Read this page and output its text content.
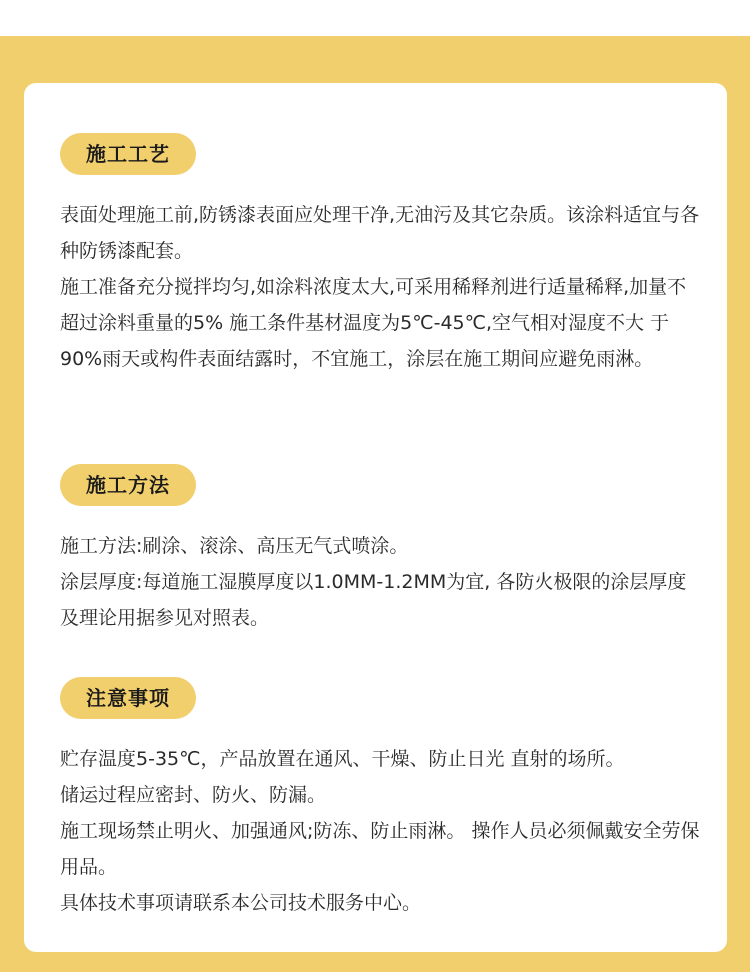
施工工艺

表面处理施工前,防锈漆表面应处理干净,无油污及其它杂质。该涂料适宜与各种防锈漆配套。

施工准备充分搅拌均匀,如涂料浓度太大,可采用稀释剂进行适量稀释,加量不超过涂料重量的5% 施工条件基材温度为5℃-45℃,空气相对湿度不大 于90%雨天或构件表面结露时，不宜施工，涂层在施工期间应避免雨淋。

施工方法

施工方法:刷涂、滚涂、高压无气式喷涂。

涂层厚度:每道施工湿膜厚度以1.0MM-1.2MM为宜, 各防火极限的涂层厚度及理论用据参见对照表。

注意事项

贮存温度5-35℃，产品放置在通风、干燥、防止日光 直射的场所。

储运过程应密封、防火、防漏。

施工现场禁止明火、加强通风;防冻、防止雨淋。 操作人员必须佩戴安全劳保用品。

具体技术事项请联系本公司技术服务中心。
